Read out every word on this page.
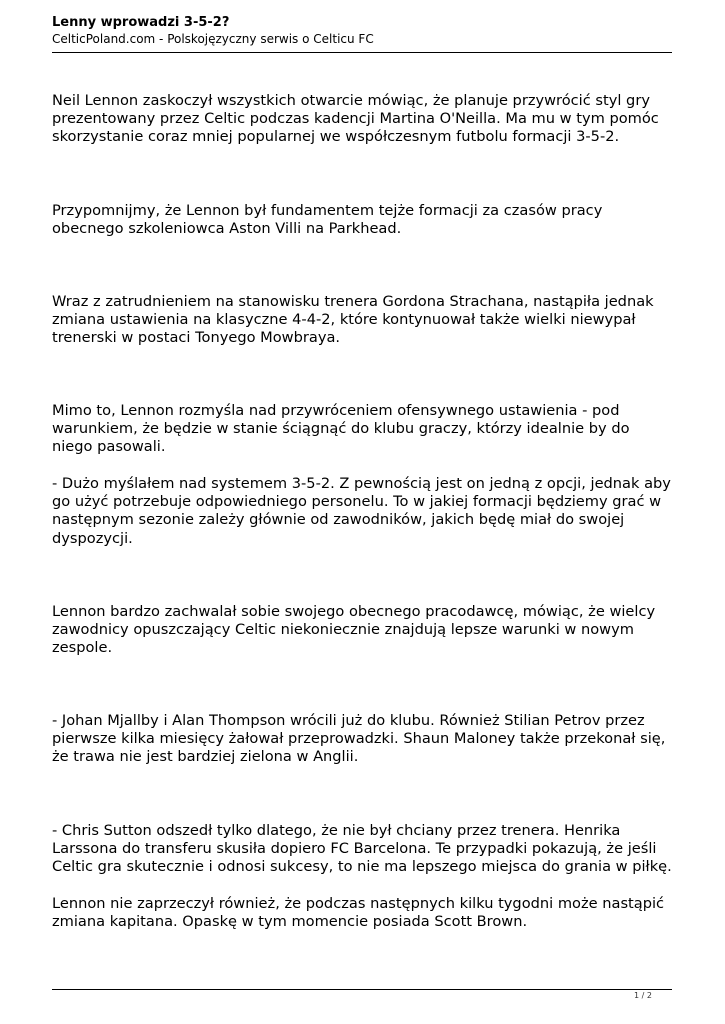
Lenny wprowadzi 3-5-2?

CelticPoland.com - Polskojęzyczny serwis o Celticu FC

Neil Lennon zaskoczył wszystkich otwarcie mówiąc, że planuje przywrócić styl gry
prezentowany przez Celtic podczas kadencji Martina O'Neilla. Ma mu w tym pomóc
skorzystanie coraz mniej popularnej we współczesnym futbolu formacji 3-5-2.

Przypomnijmy, że Lennon był fundamentem tejże formacji za czasów pracy
obecnego szkoleniowca Aston Villi na Parkhead.

Wraz z zatrudnieniem na stanowisku trenera Gordona Strachana, nastąpiła jednak
zmiana ustawienia na klasyczne 4-4-2, które kontynuował także wielki niewypał
trenerski w postaci Tonyego Mowbraya.

Mimo to, Lennon rozmyśla nad przywróceniem ofensywnego ustawienia - pod
warunkiem, że będzie w stanie ściągnąć do klubu graczy, którzy idealnie by do
niego pasowali.

- Dużo myślałem nad systemem 3-5-2. Z pewnością jest on jedną z opcji, jednak aby
go użyć potrzebuje odpowiedniego personelu. To w jakiej formacji będziemy grać w
następnym sezonie zależy głównie od zawodników, jakich będę miał do swojej
dyspozycji.

Lennon bardzo zachwalał sobie swojego obecnego pracodawcę, mówiąc, że wielcy
zawodnicy opuszczający Celtic niekoniecznie znajdują lepsze warunki w nowym
zespole.

- Johan Mjallby i Alan Thompson wrócili już do klubu. Również Stilian Petrov przez
pierwsze kilka miesięcy żałował przeprowadzki. Shaun Maloney także przekonał się,
że trawa nie jest bardziej zielona w Anglii.

- Chris Sutton odszedł tylko dlatego, że nie był chciany przez trenera. Henrika
Larssona do transferu skusiła dopiero FC Barcelona. Te przypadki pokazują, że jeśli
Celtic gra skutecznie i odnosi sukcesy, to nie ma lepszego miejsca do grania w piłkę.

Lennon nie zaprzeczył również, że podczas następnych kilku tygodni może nastąpić
zmiana kapitana. Opaskę w tym momencie posiada Scott Brown.

1 / 2
